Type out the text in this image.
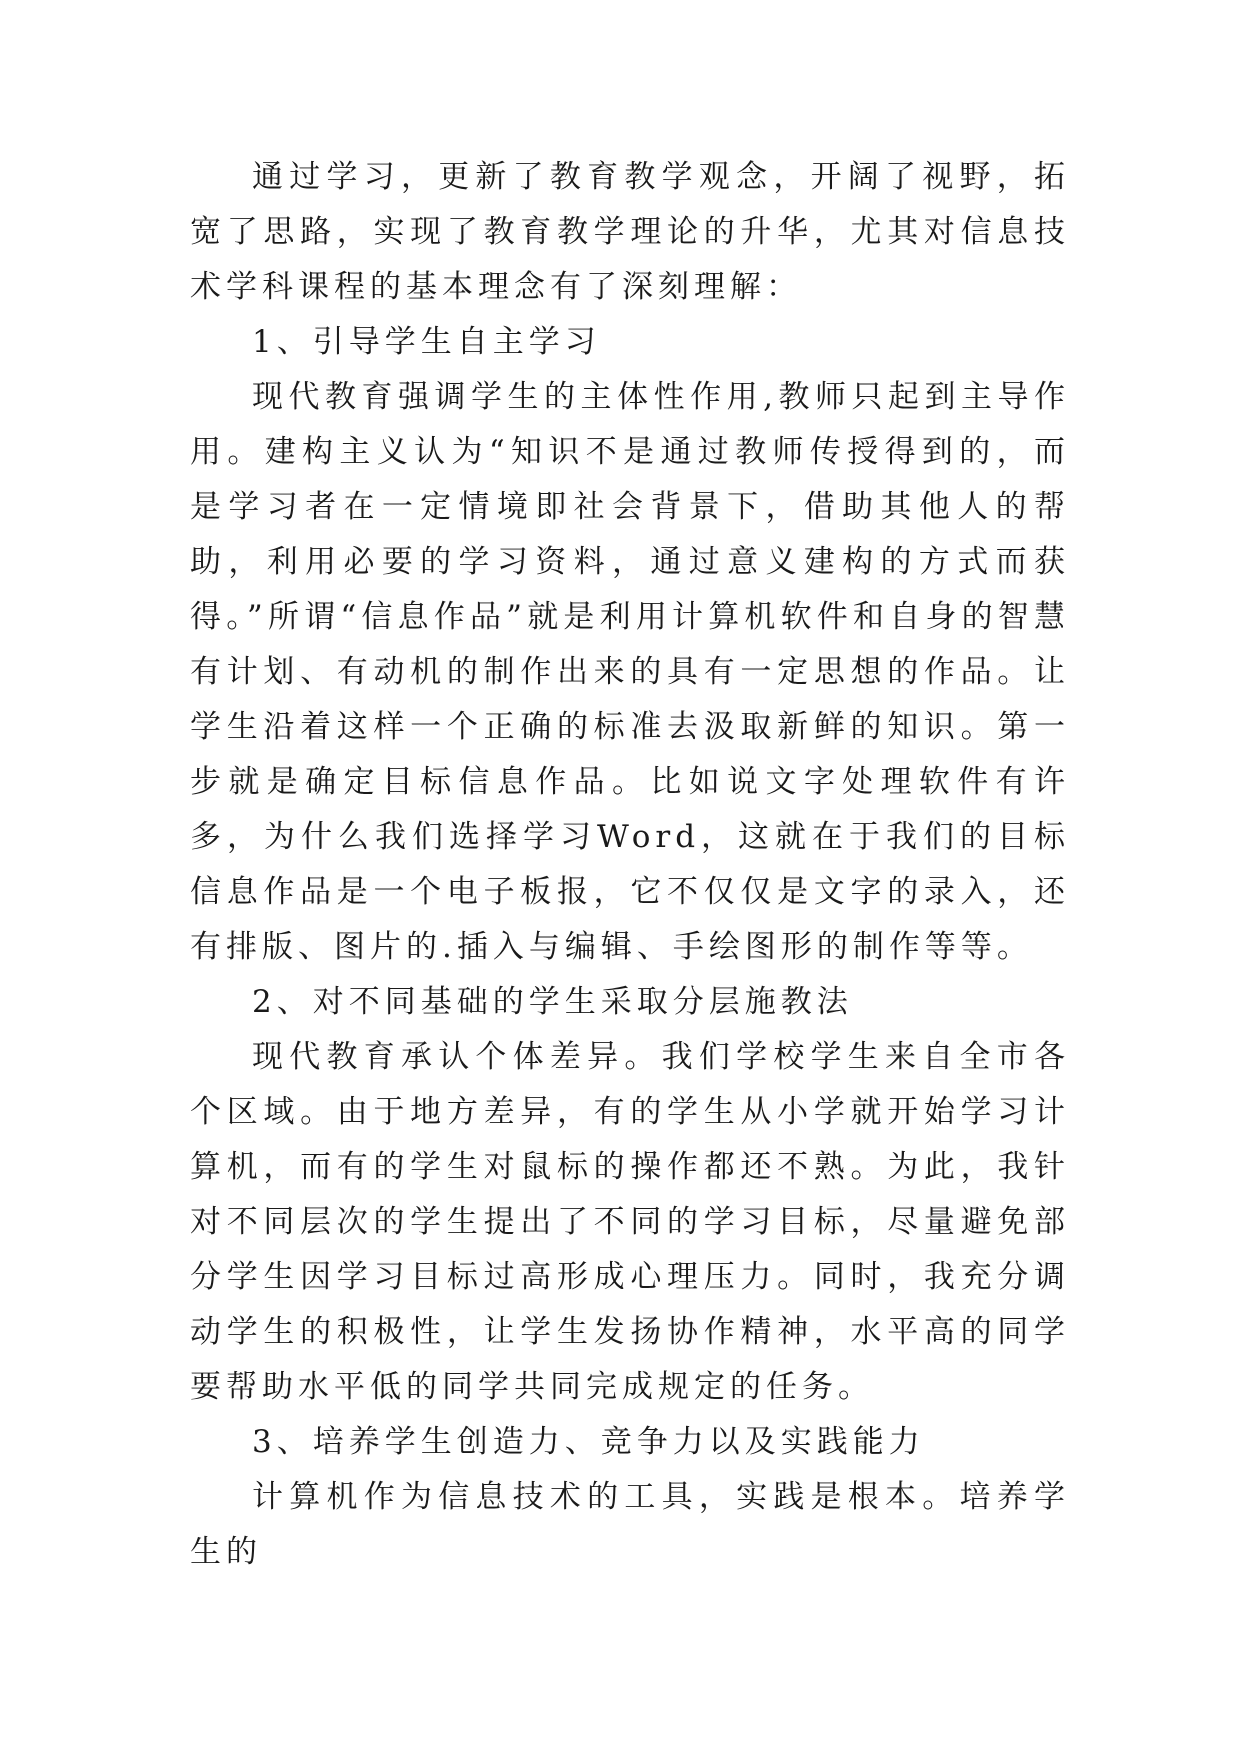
通过学习，更新了教育教学观念，开阔了视野，拓宽了思路，实现了教育教学理论的升华，尤其对信息技术学科课程的基本理念有了深刻理解：

1、引导学生自主学习

现代教育强调学生的主体性作用,教师只起到主导作用。建构主义认为“知识不是通过教师传授得到的，而是学习者在一定情境即社会背景下，借助其他人的帮助，利用必要的学习资料，通过意义建构的方式而获得。”所谓“信息作品”就是利用计算机软件和自身的智慧有计划、有动机的制作出来的具有一定思想的作品。让学生沿着这样一个正确的标准去汲取新鲜的知识。第一步就是确定目标信息作品。比如说文字处理软件有许多，为什么我们选择学习Word，这就在于我们的目标信息作品是一个电子板报，它不仅仅是文字的录入，还有排版、图片的.插入与编辑、手绘图形的制作等等。

2、对不同基础的学生采取分层施教法

现代教育承认个体差异。我们学校学生来自全市各个区域。由于地方差异，有的学生从小学就开始学习计算机，而有的学生对鼠标的操作都还不熟。为此，我针对不同层次的学生提出了不同的学习目标，尽量避免部分学生因学习目标过高形成心理压力。同时，我充分调动学生的积极性，让学生发扬协作精神，水平高的同学要帮助水平低的同学共同完成规定的任务。

3、培养学生创造力、竞争力以及实践能力

计算机作为信息技术的工具，实践是根本。培养学生的
